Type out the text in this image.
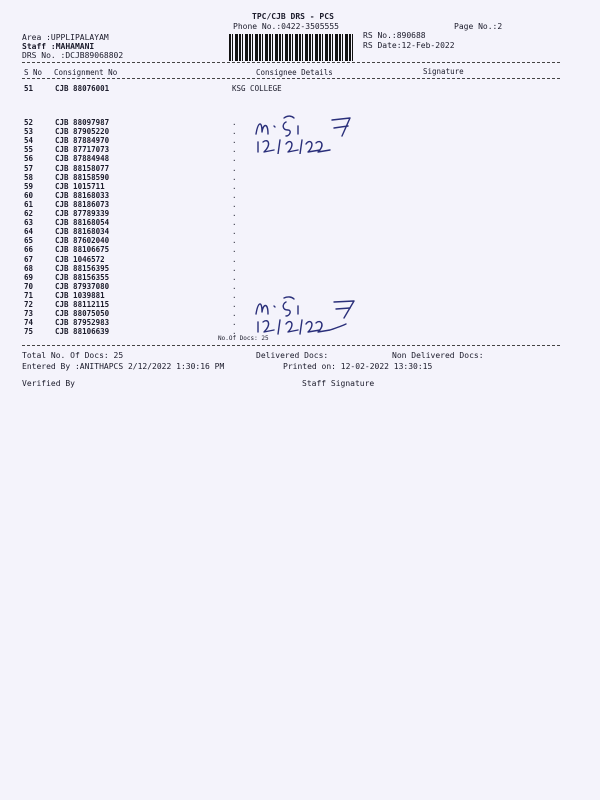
TPC/CJB DRS - PCS
Phone No.:0422-3505555	Page No.:2
Area :UPPLIPALAYAM
Staff :MAHAMANI
DRS No. :DCJB89068802
RS No.:890688
RS Date:12-Feb-2022
S No Consignment No	Consignee Details	Signature
51	CJB 88076001	KSG COLLEGE
52	CJB 88097987	.
53	CJB 87905220	.
54	CJB 87884970	.
55	CJB 87717073	.
56	CJB 87884948	.
57	CJB 88158077	.
58	CJB 88158590	.
59	CJB 1015711	.
60	CJB 88168033	.
61	CJB 88186073	.
62	CJB 87789339	.
63	CJB 88168054	.
64	CJB 88168034	.
65	CJB 87602040	.
66	CJB 88106675	.
67	CJB 1046572	.
68	CJB 88156395	.
69	CJB 88156355	.
70	CJB 87937080	.
71	CJB 1039881	.
72	CJB 88112115	.
73	CJB 88075050	.
74	CJB 87952983	.
75	CJB 88106639	.
No.Of Docs: 25
Total No. Of Docs: 25	Delivered Docs:	Non Delivered Docs:
Entered By :ANITHAPCS 2/12/2022 1:30:16 PM	Printed on: 12-02-2022 13:30:15
Verified By	Staff Signature
